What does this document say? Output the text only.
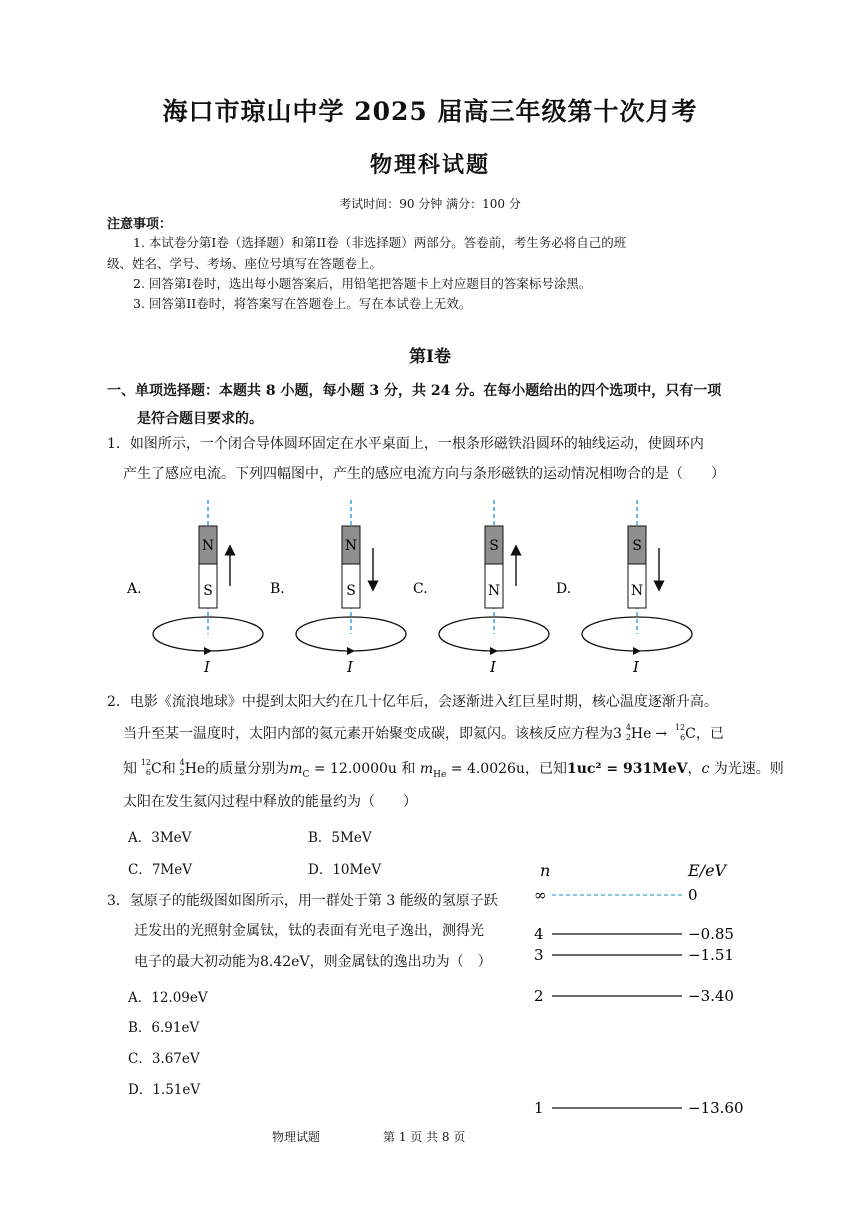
海口市琼山中学 2025 届高三年级第十次月考
物理科试题
考试时间：90 分钟 满分：100 分
注意事项：
1. 本试卷分第Ⅰ卷（选择题）和第ⅠⅠ卷（非选择题）两部分。答卷前，考生务必将自己的班
级、姓名、学号、考场、座位号填写在答题卷上。
2. 回答第Ⅰ卷时，选出每小题答案后，用铅笔把答题卡上对应题目的答案标号涂黑。
3. 回答第ⅠⅠ卷时，将答案写在答题卷上。写在本试卷上无效。
第Ⅰ卷
一、单项选择题：本题共 8 小题，每小题 3 分，共 24 分。在每小题给出的四个选项中，只有一项
是符合题目要求的。
1．如图所示，一个闭合导体圆环固定在水平桌面上，一根条形磁铁沿圆环的轴线运动，使圆环内
产生了感应电流。下列四幅图中，产生的感应电流方向与条形磁铁的运动情况相吻合的是（　　）
A.
N
S
I
B.
N
S
I
C.
S
N
I
D.
S
N
I
2．电影《流浪地球》中提到太阳大约在几十亿年后，会逐渐进入红巨星时期，核心温度逐渐升高。
当升至某一温度时，太阳内部的氦元素开始聚变成碳，即氦闪。该核反应方程为3 4
2 He → 12
6 C，已
知 12
6 C和 4
2 He的质量分别为$m_C = 12.0000u$ 和 $m_{He} = 4.0026u$，已知1uc² = 931MeV，c 为光速。则
太阳在发生氦闪过程中释放的能量约为（　　）
A．3MeV	B．5MeV
C．7MeV	D．10MeV
3．氢原子的能级图如图所示，用一群处于第 3 能级的氢原子跃
迁发出的光照射金属钛，钛的表面有光电子逸出，测得光
电子的最大初动能为8.42eV，则金属钛的逸出功为（　）
A．12.09eV
B．6.91eV
C．3.67eV
D．1.51eV
n	E/eV
∞	0
4	−0.85
3	−1.51
2	−3.40
1	−13.60
物理试题	第 1 页 共 8 页
